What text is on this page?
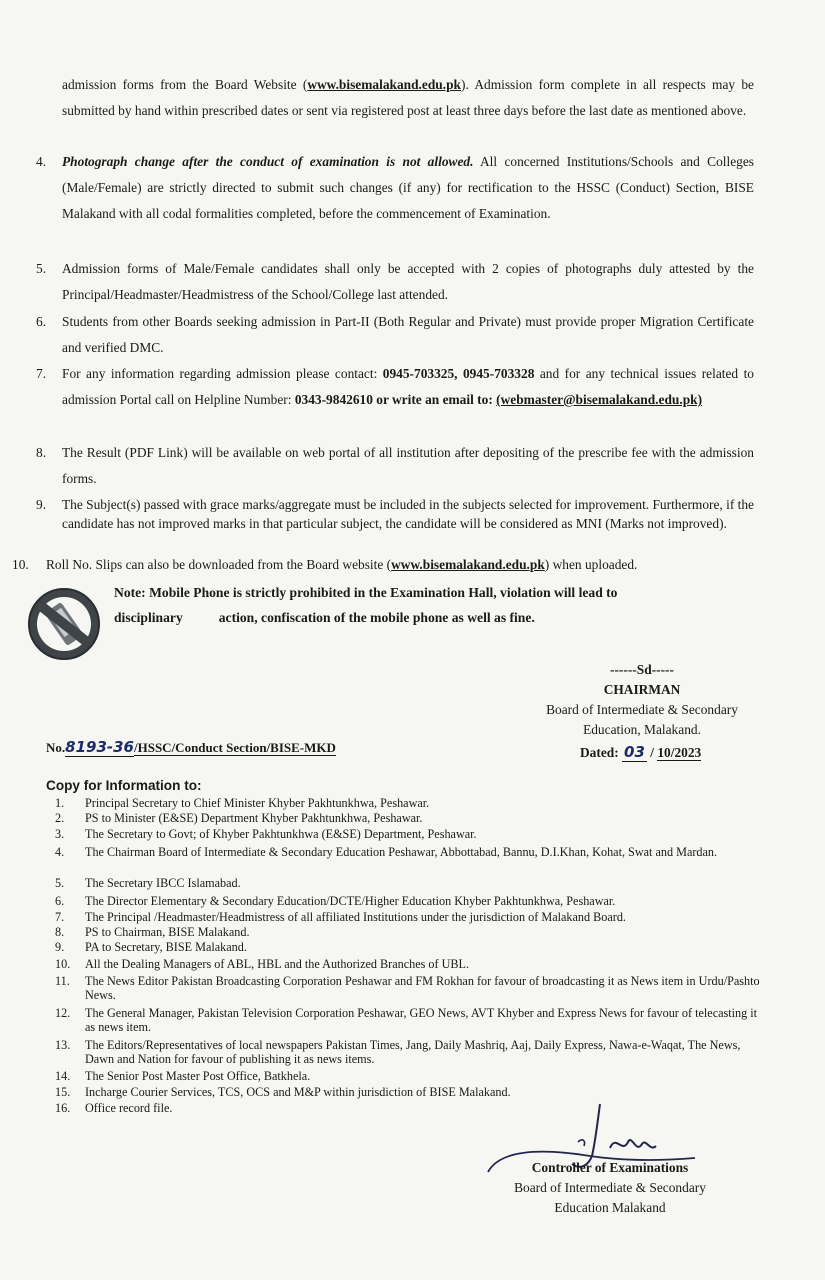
admission forms from the Board Website (www.bisemalakand.edu.pk). Admission form complete in all respects may be submitted by hand within prescribed dates or sent via registered post at least three days before the last date as mentioned above.
4. Photograph change after the conduct of examination is not allowed. All concerned Institutions/Schools and Colleges (Male/Female) are strictly directed to submit such changes (if any) for rectification to the HSSC (Conduct) Section, BISE Malakand with all codal formalities completed, before the commencement of Examination.
5. Admission forms of Male/Female candidates shall only be accepted with 2 copies of photographs duly attested by the Principal/Headmaster/Headmistress of the School/College last attended.
6. Students from other Boards seeking admission in Part-II (Both Regular and Private) must provide proper Migration Certificate and verified DMC.
7. For any information regarding admission please contact: 0945-703325, 0945-703328 and for any technical issues related to admission Portal call on Helpline Number: 0343-9842610 or write an email to: (webmaster@bisemalakand.edu.pk)
8. The Result (PDF Link) will be available on web portal of all institution after depositing of the prescribe fee with the admission forms.
9. The Subject(s) passed with grace marks/aggregate must be included in the subjects selected for improvement. Furthermore, if the candidate has not improved marks in that particular subject, the candidate will be considered as MNI (Marks not improved).
10. Roll No. Slips can also be downloaded from the Board website (www.bisemalakand.edu.pk) when uploaded.
Note: Mobile Phone is strictly prohibited in the Examination Hall, violation will lead to
disciplinary	action, confiscation of the mobile phone as well as fine.
------Sd-----
CHAIRMAN
Board of Intermediate & Secondary
Education, Malakand.
Dated: 03 / 10/2023
No.8193-36/HSSC/Conduct Section/BISE-MKD
Copy for Information to:
1.	Principal Secretary to Chief Minister Khyber Pakhtunkhwa, Peshawar.
2.	PS to Minister (E&SE) Department Khyber Pakhtunkhwa, Peshawar.
3.	The Secretary to Govt; of Khyber Pakhtunkhwa (E&SE) Department, Peshawar.
4.	The Chairman Board of Intermediate & Secondary Education Peshawar, Abbottabad, Bannu, D.I.Khan, Kohat, Swat and Mardan.
5.	The Secretary IBCC Islamabad.
6.	The Director Elementary & Secondary Education/DCTE/Higher Education Khyber Pakhtunkhwa, Peshawar.
7.	The Principal /Headmaster/Headmistress of all affiliated Institutions under the jurisdiction of Malakand Board.
8.	PS to Chairman, BISE Malakand.
9.	PA to Secretary, BISE Malakand.
10.	All the Dealing Managers of ABL, HBL and the Authorized Branches of UBL.
11.	The News Editor Pakistan Broadcasting Corporation Peshawar and FM Rokhan for favour of broadcasting it as News item in Urdu/Pashto News.
12.	The General Manager, Pakistan Television Corporation Peshawar, GEO News, AVT Khyber and Express News for favour of telecasting it as news item.
13.	The Editors/Representatives of local newspapers Pakistan Times, Jang, Daily Mashriq, Aaj, Daily Express, Nawa-e-Waqat, The News, Dawn and Nation for favour of publishing it as news items.
14.	The Senior Post Master Post Office, Batkhela.
15.	Incharge Courier Services, TCS, OCS and M&P within jurisdiction of BISE Malakand.
16.	Office record file.
Controller of Examinations
Board of Intermediate & Secondary
Education Malakand
